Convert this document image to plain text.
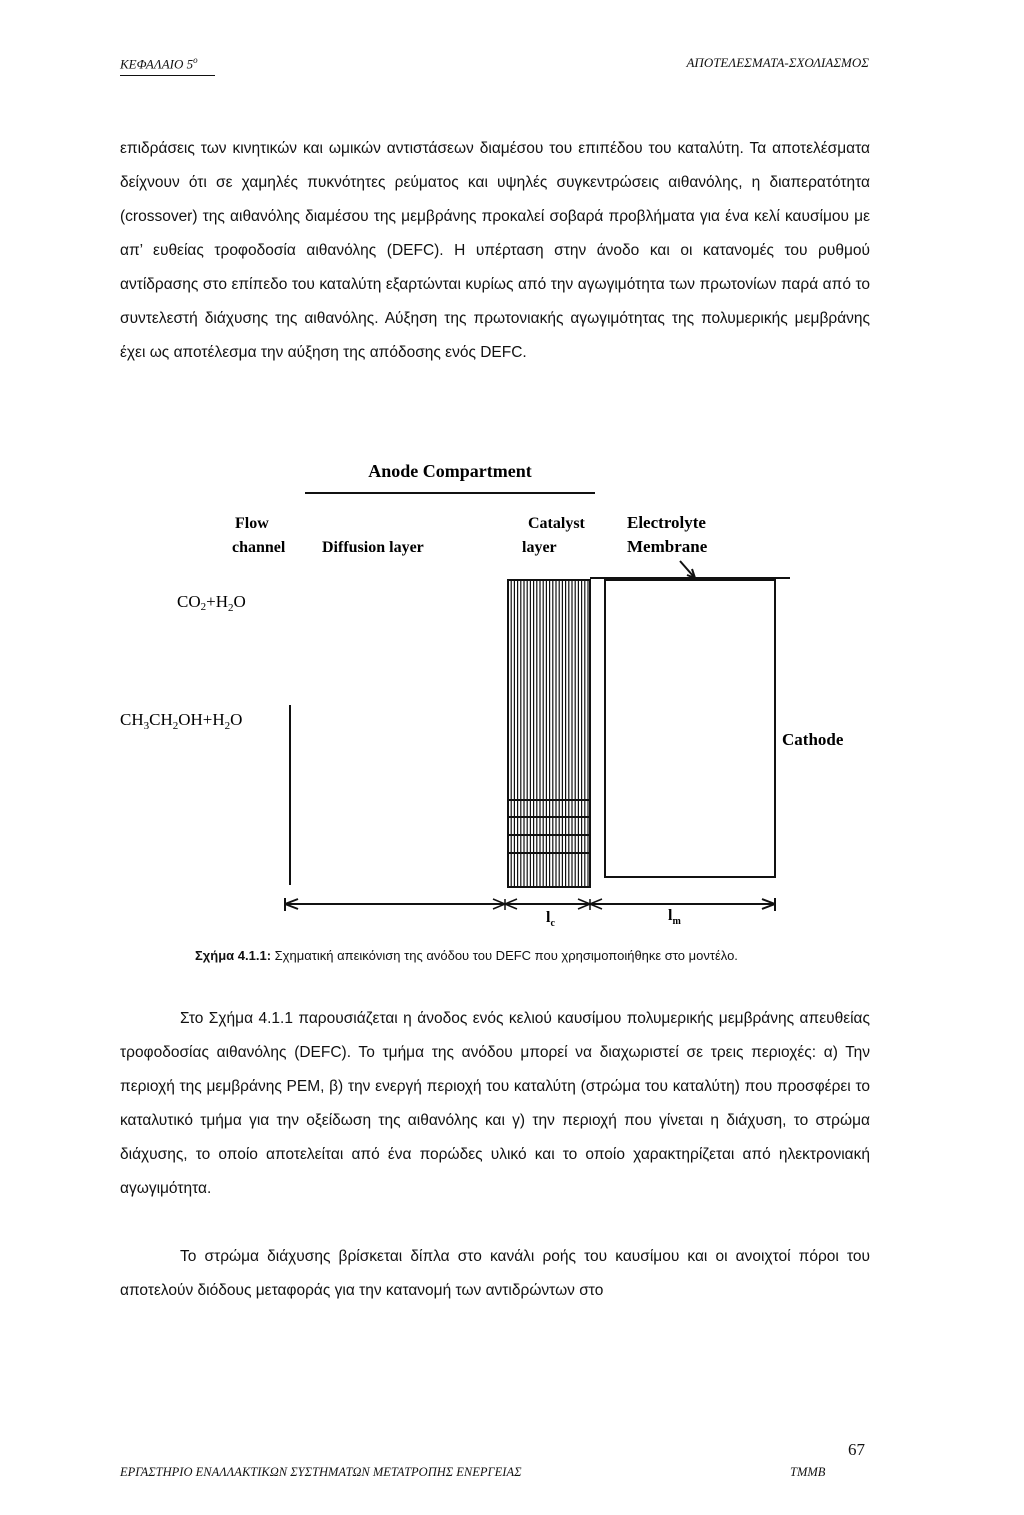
ΚΕΦΑΛΑΙΟ $5^o$	ΑΠΟΤΕΛΕΣΜΑΤΑ-ΣΧΟΛΙΑΣΜΟΣ

επιδράσεις των κινητικών και ωμικών αντιστάσεων διαμέσου του επιπέδου του καταλύτη. Τα αποτελέσματα δείχνουν ότι σε χαμηλές πυκνότητες ρεύματος και υψηλές συγκεντρώσεις αιθανόλης, η διαπερατότητα (crossover) της αιθανόλης διαμέσου της μεμβράνης προκαλεί σοβαρά προβλήματα για ένα κελί καυσίμου με απ’ ευθείας τροφοδοσία αιθανόλης (DEFC). Η υπέρταση στην άνοδο και οι κατανομές του ρυθμού αντίδρασης στο επίπεδο του καταλύτη εξαρτώνται κυρίως από την αγωγιμότητα των πρωτονίων παρά από το συντελεστή διάχυσης της αιθανόλης. Αύξηση της πρωτονιακής αγωγιμότητας της πολυμερικής μεμβράνης έχει ως αποτέλεσμα την αύξηση της απόδοσης ενός DEFC.

Anode Compartment
Flow
channel Diffusion layer
Catalyst
layer
Electrolyte
Membrane
$CO2+H_2O$
$CH_3CH_2OH+H_2O$
Cathode
$l_c$	$l_m$
Σχήμα 4.1.1: Σχηματική απεικόνιση της ανόδου του DEFC που χρησιμοποιήθηκε στο μοντέλο.

Στο Σχήμα 4.1.1 παρουσιάζεται η άνοδος ενός κελιού καυσίμου πολυμερικής μεμβράνης απευθείας τροφοδοσίας αιθανόλης (DEFC). Το τμήμα της ανόδου μπορεί να διαχωριστεί σε τρεις περιοχές: α) Την περιοχή της μεμβράνης PEM, β) την ενεργή περιοχή του καταλύτη (στρώμα του καταλύτη) που προσφέρει το καταλυτικό τμήμα για την οξείδωση της αιθανόλης και γ) την περιοχή που γίνεται η διάχυση, το στρώμα διάχυσης, το οποίο αποτελείται από ένα πορώδες υλικό και το οποίο χαρακτηρίζεται από ηλεκτρονιακή αγωγιμότητα.

Το στρώμα διάχυσης βρίσκεται δίπλα στο κανάλι ροής του καυσίμου και οι ανοιχτοί πόροι του αποτελούν διόδους μεταφοράς για την κατανομή των αντιδρώντων στο

ΕΡΓΑΣΤΗΡΙΟ ΕΝΑΛΛΑΚΤΙΚΩΝ ΣΥΣΤΗΜΑΤΩΝ ΜΕΤΑΤΡΟΠΗΣ ΕΝΕΡΓΕΙΑΣ	ΤΜΜΒ
67
